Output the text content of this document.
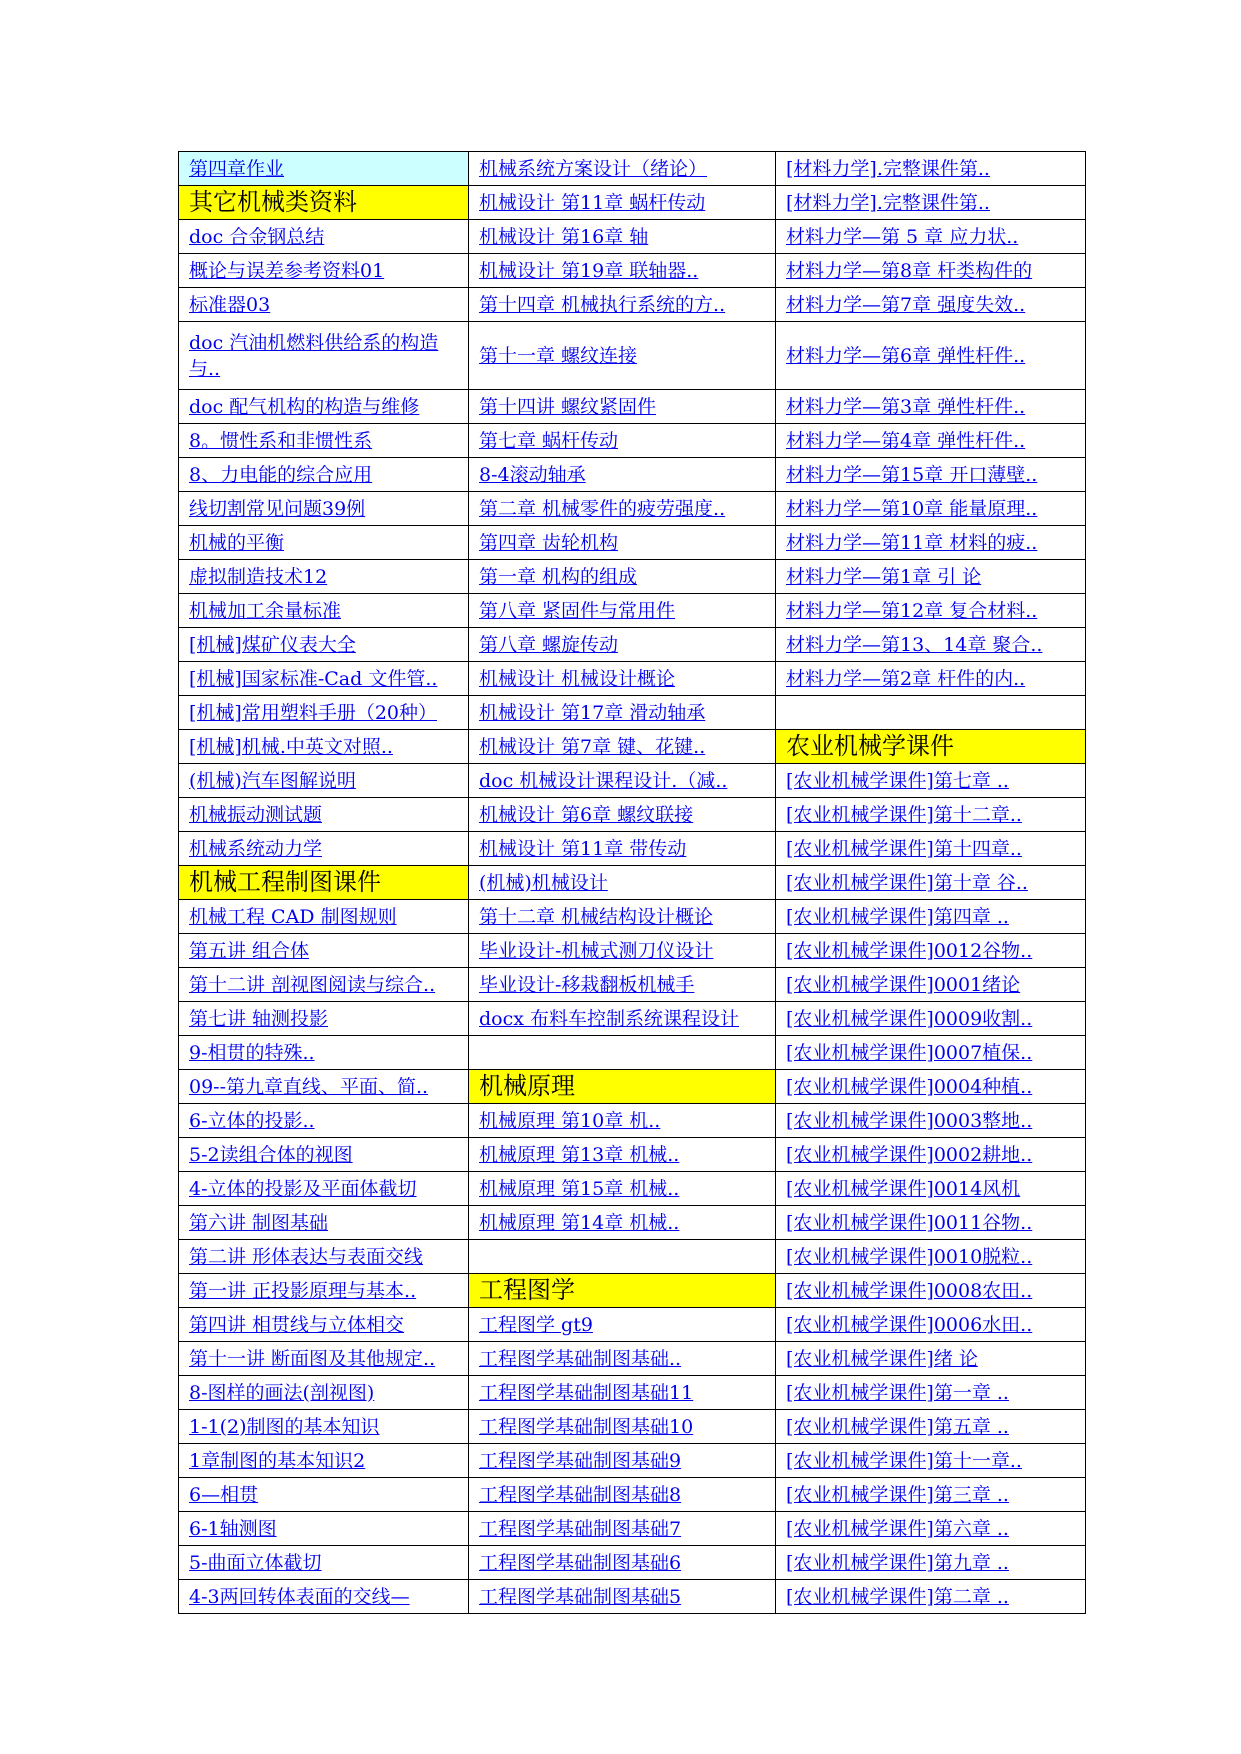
第四章作业	机械系统方案设计（绪论）	[材料力学].完整课件第..
其它机械类资料	机械设计 第11章 蜗杆传动	[材料力学].完整课件第..
doc 合金钢总结	机械设计 第16章 轴	材料力学—第 5 章 应力状..
概论与误差参考资料01	机械设计 第19章 联轴器..	材料力学—第8章 杆类构件的
标准器03	第十四章 机械执行系统的方..	材料力学—第7章 强度失效..
doc 汽油机燃料供给系的构造与..	第十一章 螺纹连接	材料力学—第6章 弹性杆件..
doc 配气机构的构造与维修	第十四讲 螺纹紧固件	材料力学—第3章 弹性杆件..
8。惯性系和非惯性系	第七章 蜗杆传动	材料力学—第4章 弹性杆件..
8、力电能的综合应用	8-4滚动轴承	材料力学—第15章 开口薄壁..
线切割常见问题39例	第二章 机械零件的疲劳强度..	材料力学—第10章 能量原理..
机械的平衡	第四章 齿轮机构	材料力学—第11章 材料的疲..
虚拟制造技术12	第一章 机构的组成	材料力学—第1章 引 论
机械加工余量标准	第八章 紧固件与常用件	材料力学—第12章 复合材料..
[机械]煤矿仪表大全	第八章 螺旋传动	材料力学—第13、14章 聚合..
[机械]国家标准-Cad 文件管..	机械设计 机械设计概论	材料力学—第2章 杆件的内..
[机械]常用塑料手册（20种）	机械设计 第17章 滑动轴承	
[机械]机械.中英文对照..	机械设计 第7章 键、花键..	农业机械学课件
(机械)汽车图解说明	doc 机械设计课程设计.（减..	[农业机械学课件]第七章 ..
机械振动测试题	机械设计 第6章 螺纹联接	[农业机械学课件]第十二章..
机械系统动力学	机械设计 第11章 带传动	[农业机械学课件]第十四章..
机械工程制图课件	(机械)机械设计	[农业机械学课件]第十章 谷..
机械工程 CAD 制图规则	第十二章 机械结构设计概论	[农业机械学课件]第四章 ..
第五讲 组合体	毕业设计-机械式测刀仪设计	[农业机械学课件]0012谷物..
第十二讲 剖视图阅读与综合..	毕业设计-移栽翻板机械手	[农业机械学课件]0001绪论
第七讲 轴测投影	docx 布料车控制系统课程设计	[农业机械学课件]0009收割..
9-相贯的特殊..		[农业机械学课件]0007植保..
09--第九章直线、平面、简..	机械原理	[农业机械学课件]0004种植..
6-立体的投影..	机械原理 第10章 机..	[农业机械学课件]0003整地..
5-2读组合体的视图	机械原理 第13章 机械..	[农业机械学课件]0002耕地..
4-立体的投影及平面体截切	机械原理 第15章 机械..	[农业机械学课件]0014风机
第六讲 制图基础	机械原理 第14章 机械..	[农业机械学课件]0011谷物..
第二讲 形体表达与表面交线		[农业机械学课件]0010脱粒..
第一讲 正投影原理与基本..	工程图学	[农业机械学课件]0008农田..
第四讲 相贯线与立体相交	工程图学 gt9	[农业机械学课件]0006水田..
第十一讲 断面图及其他规定..	工程图学基础制图基础..	[农业机械学课件]绪 论
8-图样的画法(剖视图)	工程图学基础制图基础11	[农业机械学课件]第一章 ..
1-1(2)制图的基本知识	工程图学基础制图基础10	[农业机械学课件]第五章 ..
1章制图的基本知识2	工程图学基础制图基础9	[农业机械学课件]第十一章..
6—相贯	工程图学基础制图基础8	[农业机械学课件]第三章 ..
6-1轴测图	工程图学基础制图基础7	[农业机械学课件]第六章 ..
5-曲面立体截切	工程图学基础制图基础6	[农业机械学课件]第九章 ..
4-3两回转体表面的交线—	工程图学基础制图基础5	[农业机械学课件]第二章 ..
